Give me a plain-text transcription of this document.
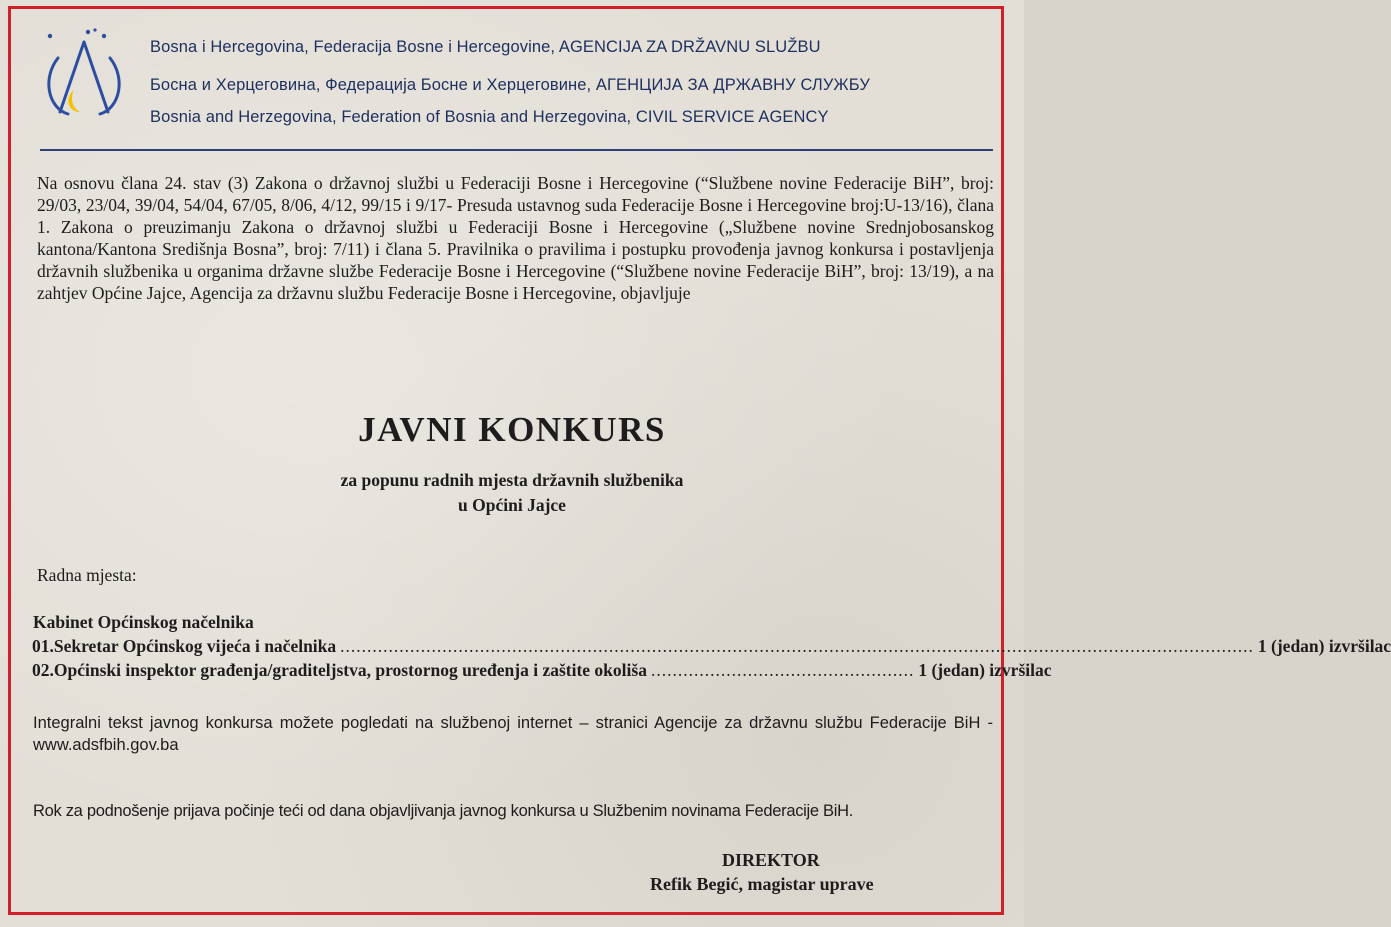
Bosna i Hercegovina, Federacija Bosne i Hercegovine, AGENCIJA ZA DRŽAVNU SLUŽBU
Босна и Херцеговина, Федерација Босне и Херцеговине, АГЕНЦИЈА ЗА ДРЖАВНУ СЛУЖБУ
Bosnia and Herzegovina, Federation of Bosnia and Herzegovina, CIVIL SERVICE AGENCY

Na osnovu člana 24. stav (3) Zakona o državnoj službi u Federaciji Bosne i Hercegovine (“Službene novine Federacije BiH”, broj: 29/03, 23/04, 39/04, 54/04, 67/05, 8/06, 4/12, 99/15 i 9/17- Presuda ustavnog suda Federacije Bosne i Hercegovine broj:U-13/16), člana 1. Zakona o preuzimanju Zakona o državnoj službi u Federaciji Bosne i Hercegovine („Službene novine Srednjobosanskog kantona/Kantona Središnja Bosna”, broj: 7/11) i člana 5. Pravilnika o pravilima i postupku provođenja javnog konkursa i postavljenja državnih službenika u organima državne službe Federacije Bosne i Hercegovine (“Službene novine Federacije BiH”, broj: 13/19), a na zahtjev Općine Jajce, Agencija za državnu službu Federacije Bosne i Hercegovine, objavljuje

JAVNI KONKURS
za popunu radnih mjesta državnih službenika
u Općini Jajce
Radna mjesta:
Kabinet Općinskog načelnika
01. Sekretar Općinskog vijeća i načelnika .......................................................................................................................................................................... 1 (jedan) izvršilac
02. Općinski inspektor građenja/graditeljstva, prostornog uređenja i zaštite okoliša ................................................. 1 (jedan) izvršilac

Integralni tekst javnog konkursa možete pogledati na službenoj internet – stranici Agencije za državnu službu Federacije BiH - www.adsfbih.gov.ba

Rok za podnošenje prijava počinje teći od dana objavljivanja javnog konkursa u Službenim novinama Federacije BiH.
DIREKTOR
Refik Begić, magistar uprave
